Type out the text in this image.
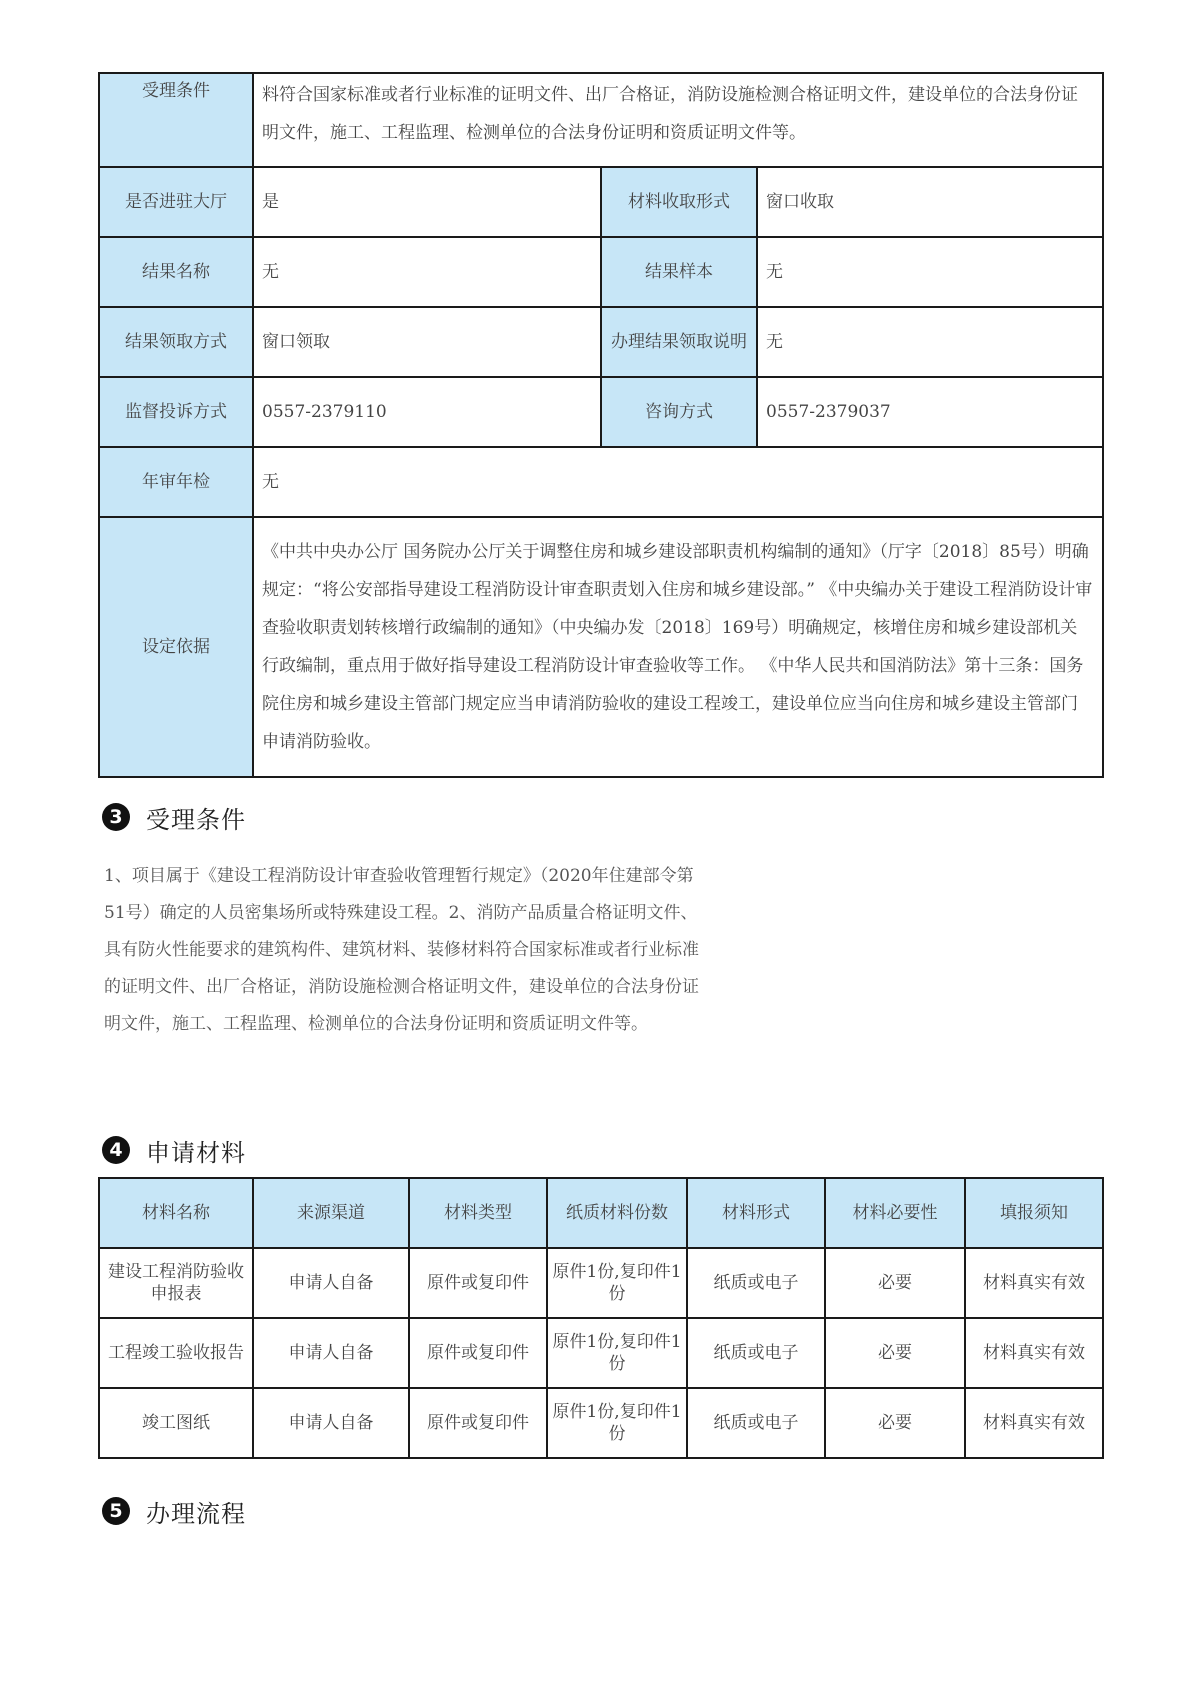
受理条件	料符合国家标准或者行业标准的证明文件、出厂合格证，消防设施检测合格证明文件，建设单位的合法身份证明文件，施工、工程监理、检测单位的合法身份证明和资质证明文件等。		
是否进驻大厅	是	材料收取形式	窗口收取
结果名称	无	结果样本	无
结果领取方式	窗口领取	办理结果领取说明	无
监督投诉方式	0557-2379110	咨询方式	0557-2379037
年审年检	无		
设定依据	《中共中央办公厅 国务院办公厅关于调整住房和城乡建设部职责机构编制的通知》（厅字〔2018〕85号）明确规定：“将公安部指导建设工程消防设计审查职责划入住房和城乡建设部。” 《中央编办关于建设工程消防设计审查验收职责划转核增行政编制的通知》（中央编办发〔2018〕169号）明确规定，核增住房和城乡建设部机关行政编制，重点用于做好指导建设工程消防设计审查验收等工作。 《中华人民共和国消防法》第十三条：国务院住房和城乡建设主管部门规定应当申请消防验收的建设工程竣工，建设单位应当向住房和城乡建设主管部门申请消防验收。		
3 受理条件
1、项目属于《建设工程消防设计审查验收管理暂行规定》（2020年住建部令第51号）确定的人员密集场所或特殊建设工程。2、消防产品质量合格证明文件、具有防火性能要求的建筑构件、建筑材料、装修材料符合国家标准或者行业标准的证明文件、出厂合格证，消防设施检测合格证明文件，建设单位的合法身份证明文件，施工、工程监理、检测单位的合法身份证明和资质证明文件等。
4 申请材料
材料名称	来源渠道	材料类型	纸质材料份数	材料形式	材料必要性	填报须知
建设工程消防验收申报表	申请人自备	原件或复印件	原件1份,复印件1份	纸质或电子	必要	材料真实有效
工程竣工验收报告	申请人自备	原件或复印件	原件1份,复印件1份	纸质或电子	必要	材料真实有效
竣工图纸	申请人自备	原件或复印件	原件1份,复印件1份	纸质或电子	必要	材料真实有效
5 办理流程
